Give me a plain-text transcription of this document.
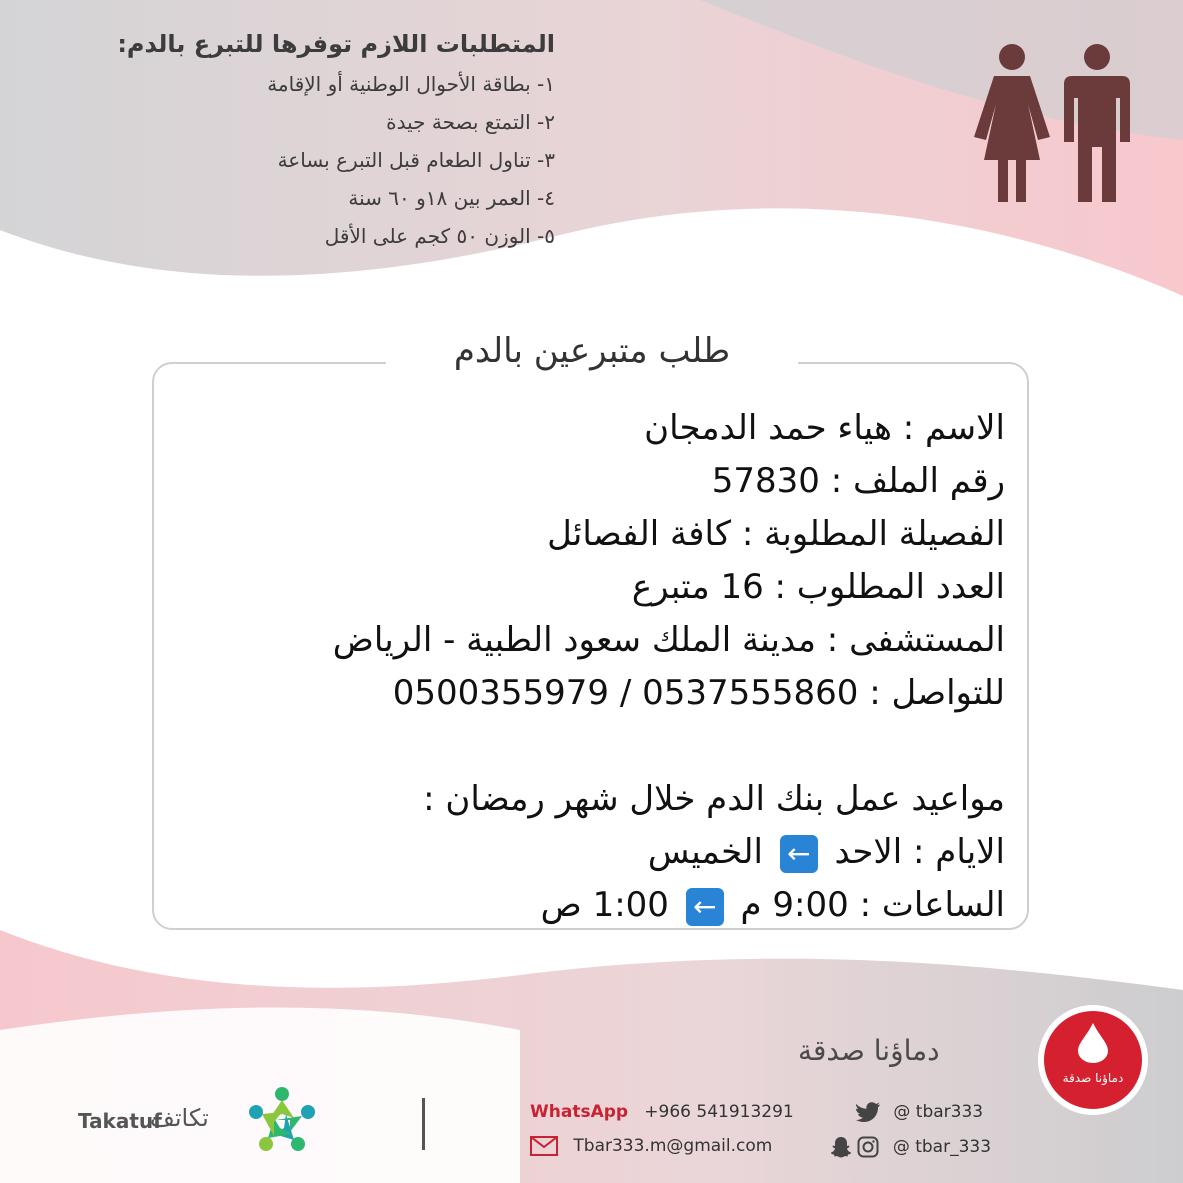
المتطلبات اللازم توفرها للتبرع بالدم:
١- بطاقة الأحوال الوطنية أو الإقامة
٢- التمتع بصحة جيدة
٣- تناول الطعام قبل التبرع بساعة
٤- العمر بين ١٨و ٦٠ سنة
٥- الوزن ٥٠ كجم على الأقل
طلب متبرعين بالدم
الاسم : هياء حمد الدمجان
رقم الملف : 57830
الفصيلة المطلوبة : كافة الفصائل
العدد المطلوب : 16 متبرع
المستشفى : مدينة الملك سعود الطبية - الرياض
للتواصل : 0537555860 / 0500355979
مواعيد عمل بنك الدم خلال شهر رمضان :
الايام : الاحد ← الخميس
الساعات : 9:00 م ← 1:00 ص
دماؤنا صدقة
دماؤنا صدقة
WhatsApp +966 541913291
Tbar333.m@gmail.com
@ tbar333
@ tbar_333
Takatuf
تكاتف
